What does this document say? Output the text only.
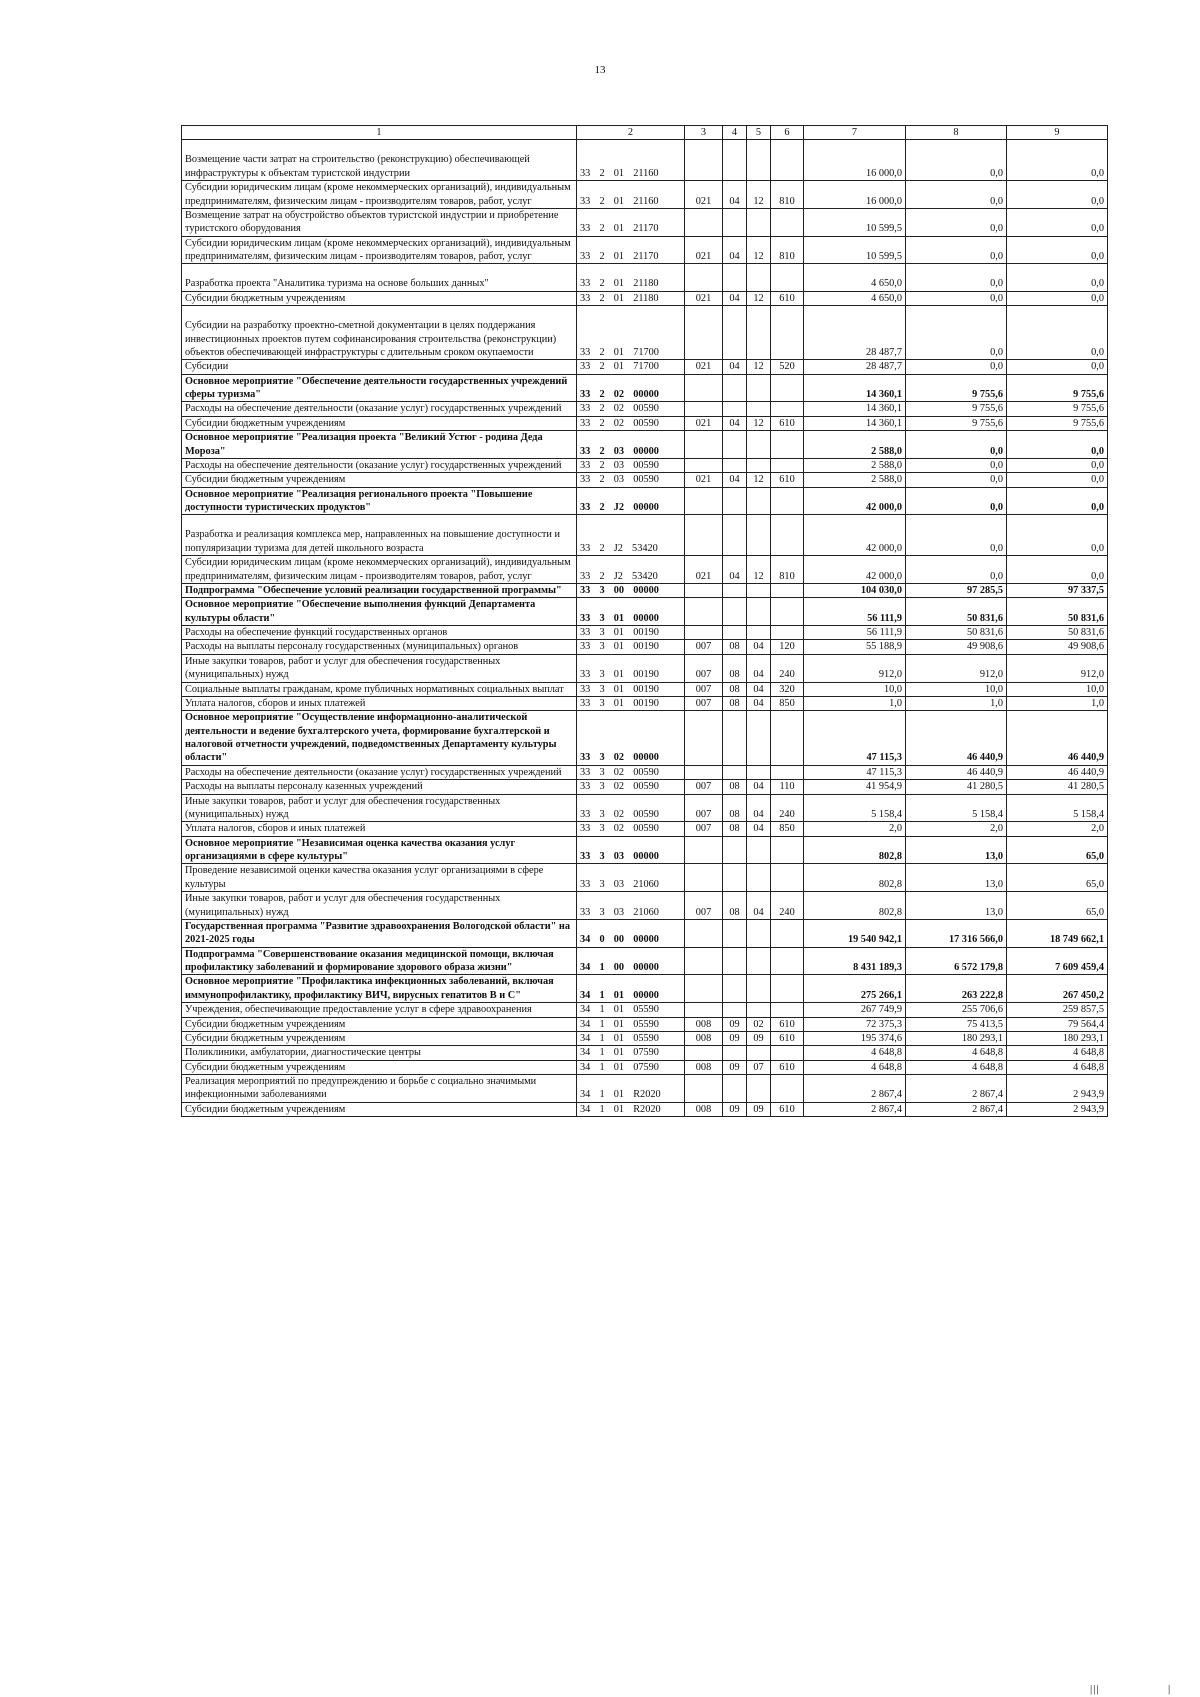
13
1	2	3	4	5	6	7	8	9

Возмещение части затрат на строительство (реконструкцию) обеспечивающей инфраструктуры к объектам туристской индустрии	33  2  01  21160					16 000,0	0,0	0,0
Субсидии юридическим лицам (кроме некоммерческих организаций), индивидуальным предпринимателям, физическим лицам - производителям товаров, работ, услуг	33  2  01  21160	021	04	12	810	16 000,0	0,0	0,0
Возмещение затрат на обустройство объектов туристской индустрии и приобретение туристского оборудования	33  2  01  21170					10 599,5	0,0	0,0
Субсидии юридическим лицам (кроме некоммерческих организаций), индивидуальным предпринимателям, физическим лицам - производителям товаров, работ, услуг	33  2  01  21170	021	04	12	810	10 599,5	0,0	0,0

Разработка проекта "Аналитика туризма на основе больших данных"	33  2  01  21180					4 650,0	0,0	0,0
Субсидии бюджетным учреждениям	33  2  01  21180	021	04	12	610	4 650,0	0,0	0,0

Субсидии на разработку проектно-сметной документации в целях поддержания инвестиционных проектов путем софинансирования строительства (реконструкции) объектов обеспечивающей инфраструктуры с длительным сроком окупаемости	33  2  01  71700					28 487,7	0,0	0,0
Субсидии	33  2  01  71700	021	04	12	520	28 487,7	0,0	0,0
Основное мероприятие "Обеспечение деятельности государственных учреждений сферы туризма"	33  2  02  00000					14 360,1	9 755,6	9 755,6
Расходы на обеспечение деятельности (оказание услуг) государственных учреждений	33  2  02  00590					14 360,1	9 755,6	9 755,6
Субсидии бюджетным учреждениям	33  2  02  00590	021	04	12	610	14 360,1	9 755,6	9 755,6
Основное мероприятие "Реализация проекта "Великий Устюг - родина Деда Мороза"	33  2  03  00000					2 588,0	0,0	0,0
Расходы на обеспечение деятельности (оказание услуг) государственных учреждений	33  2  03  00590					2 588,0	0,0	0,0
Субсидии бюджетным учреждениям	33  2  03  00590	021	04	12	610	2 588,0	0,0	0,0
Основное мероприятие "Реализация регионального проекта "Повышение доступности туристических продуктов"	33  2  J2  00000					42 000,0	0,0	0,0

Разработка и реализация комплекса мер, направленных на повышение доступности и популяризации туризма для детей школьного возраста	33  2  J2  53420					42 000,0	0,0	0,0
Субсидии юридическим лицам (кроме некоммерческих организаций), индивидуальным предпринимателям, физическим лицам - производителям товаров, работ, услуг	33  2  J2  53420	021	04	12	810	42 000,0	0,0	0,0
Подпрограмма "Обеспечение условий реализации государственной программы"	33  3  00  00000					104 030,0	97 285,5	97 337,5
Основное мероприятие "Обеспечение выполнения функций Департамента культуры области"	33  3  01  00000					56 111,9	50 831,6	50 831,6
Расходы на обеспечение функций государственных органов	33  3  01  00190					56 111,9	50 831,6	50 831,6
Расходы на выплаты персоналу государственных (муниципальных) органов	33  3  01  00190	007	08	04	120	55 188,9	49 908,6	49 908,6
Иные закупки товаров, работ и услуг для обеспечения государственных (муниципальных) нужд	33  3  01  00190	007	08	04	240	912,0	912,0	912,0
Социальные выплаты гражданам, кроме публичных нормативных социальных выплат	33  3  01  00190	007	08	04	320	10,0	10,0	10,0
Уплата налогов, сборов и иных платежей	33  3  01  00190	007	08	04	850	1,0	1,0	1,0
Основное мероприятие "Осуществление информационно-аналитической деятельности и ведение бухгалтерского учета, формирование бухгалтерской и налоговой отчетности учреждений, подведомственных Департаменту культуры области"	33  3  02  00000					47 115,3	46 440,9	46 440,9
Расходы на обеспечение деятельности (оказание услуг) государственных учреждений	33  3  02  00590					47 115,3	46 440,9	46 440,9
Расходы на выплаты персоналу казенных учреждений	33  3  02  00590	007	08	04	110	41 954,9	41 280,5	41 280,5
Иные закупки товаров, работ и услуг для обеспечения государственных (муниципальных) нужд	33  3  02  00590	007	08	04	240	5 158,4	5 158,4	5 158,4
Уплата налогов, сборов и иных платежей	33  3  02  00590	007	08	04	850	2,0	2,0	2,0
Основное мероприятие "Независимая оценка качества оказания услуг организациями в сфере культуры"	33  3  03  00000					802,8	13,0	65,0
Проведение независимой оценки качества оказания услуг организациями в сфере культуры	33  3  03  21060					802,8	13,0	65,0
Иные закупки товаров, работ и услуг для обеспечения государственных (муниципальных) нужд	33  3  03  21060	007	08	04	240	802,8	13,0	65,0
Государственная программа "Развитие здравоохранения Вологодской области" на 2021-2025 годы	34  0  00  00000					19 540 942,1	17 316 566,0	18 749 662,1
Подпрограмма "Совершенствование оказания медицинской помощи, включая профилактику заболеваний и формирование здорового образа жизни"	34  1  00  00000					8 431 189,3	6 572 179,8	7 609 459,4
Основное мероприятие "Профилактика инфекционных заболеваний, включая иммунопрофилактику, профилактику ВИЧ, вирусных гепатитов В и С"	34  1  01  00000					275 266,1	263 222,8	267 450,2
Учреждения, обеспечивающие предоставление услуг в сфере здравоохранения	34  1  01  05590					267 749,9	255 706,6	259 857,5
Субсидии бюджетным учреждениям	34  1  01  05590	008	09	02	610	72 375,3	75 413,5	79 564,4
Субсидии бюджетным учреждениям	34  1  01  05590	008	09	09	610	195 374,6	180 293,1	180 293,1
Поликлиники, амбулатории, диагностические центры	34  1  01  07590					4 648,8	4 648,8	4 648,8
Субсидии бюджетным учреждениям	34  1  01  07590	008	09	07	610	4 648,8	4 648,8	4 648,8
Реализация мероприятий по предупреждению и борьбе с социально значимыми инфекционными заболеваниями	34  1  01  R2020					2 867,4	2 867,4	2 943,9
Субсидии бюджетным учреждениям	34  1  01  R2020	008	09	09	610	2 867,4	2 867,4	2 943,9
|||	|
